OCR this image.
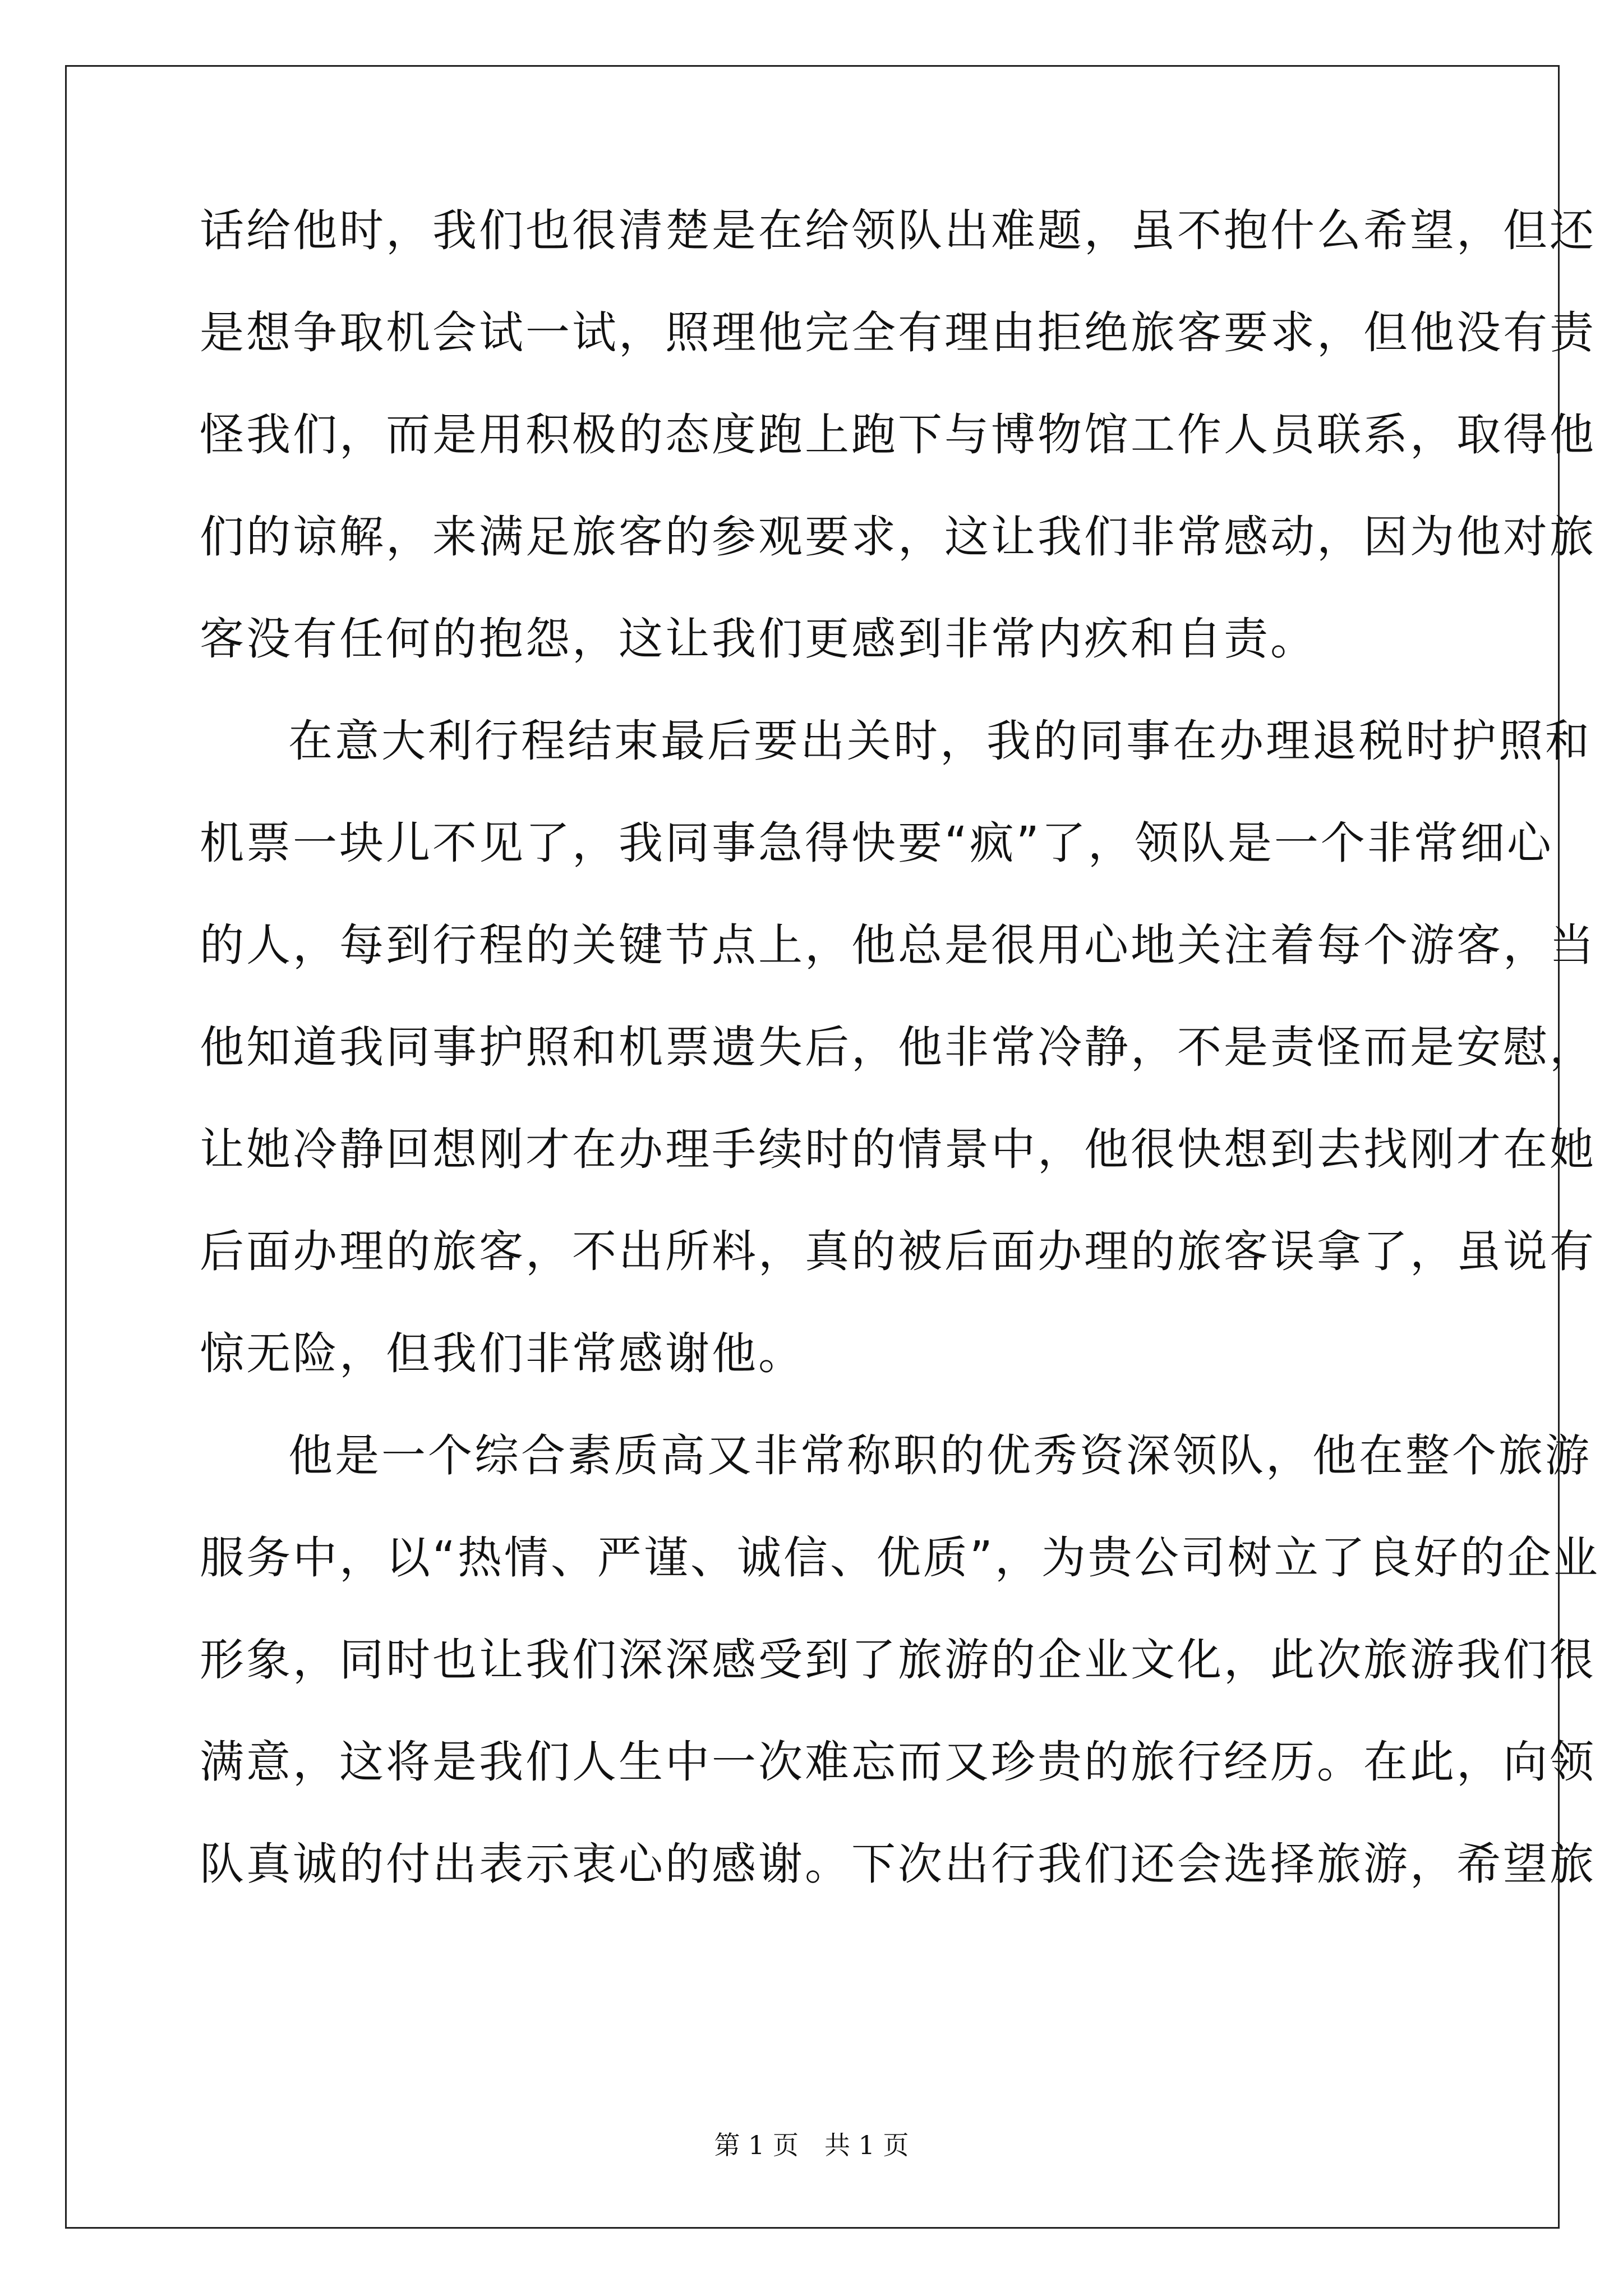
话给他时，我们也很清楚是在给领队出难题，虽不抱什么希望，但还
是想争取机会试一试，照理他完全有理由拒绝旅客要求，但他没有责
怪我们，而是用积极的态度跑上跑下与博物馆工作人员联系，取得他
们的谅解，来满足旅客的参观要求，这让我们非常感动，因为他对旅
客没有任何的抱怨，这让我们更感到非常内疚和自责。
在意大利行程结束最后要出关时，我的同事在办理退税时护照和
机票一块儿不见了，我同事急得快要“疯”了，领队是一个非常细心
的人，每到行程的关键节点上，他总是很用心地关注着每个游客，当
他知道我同事护照和机票遗失后，他非常冷静，不是责怪而是安慰，
让她冷静回想刚才在办理手续时的情景中，他很快想到去找刚才在她
后面办理的旅客，不出所料，真的被后面办理的旅客误拿了，虽说有
惊无险，但我们非常感谢他。
他是一个综合素质高又非常称职的优秀资深领队，他在整个旅游
服务中，以“热情、严谨、诚信、优质”，为贵公司树立了良好的企业
形象，同时也让我们深深感受到了旅游的企业文化，此次旅游我们很
满意，这将是我们人生中一次难忘而又珍贵的旅行经历。在此，向领
队真诚的付出表示衷心的感谢。下次出行我们还会选择旅游，希望旅
第 1 页　共 1 页
